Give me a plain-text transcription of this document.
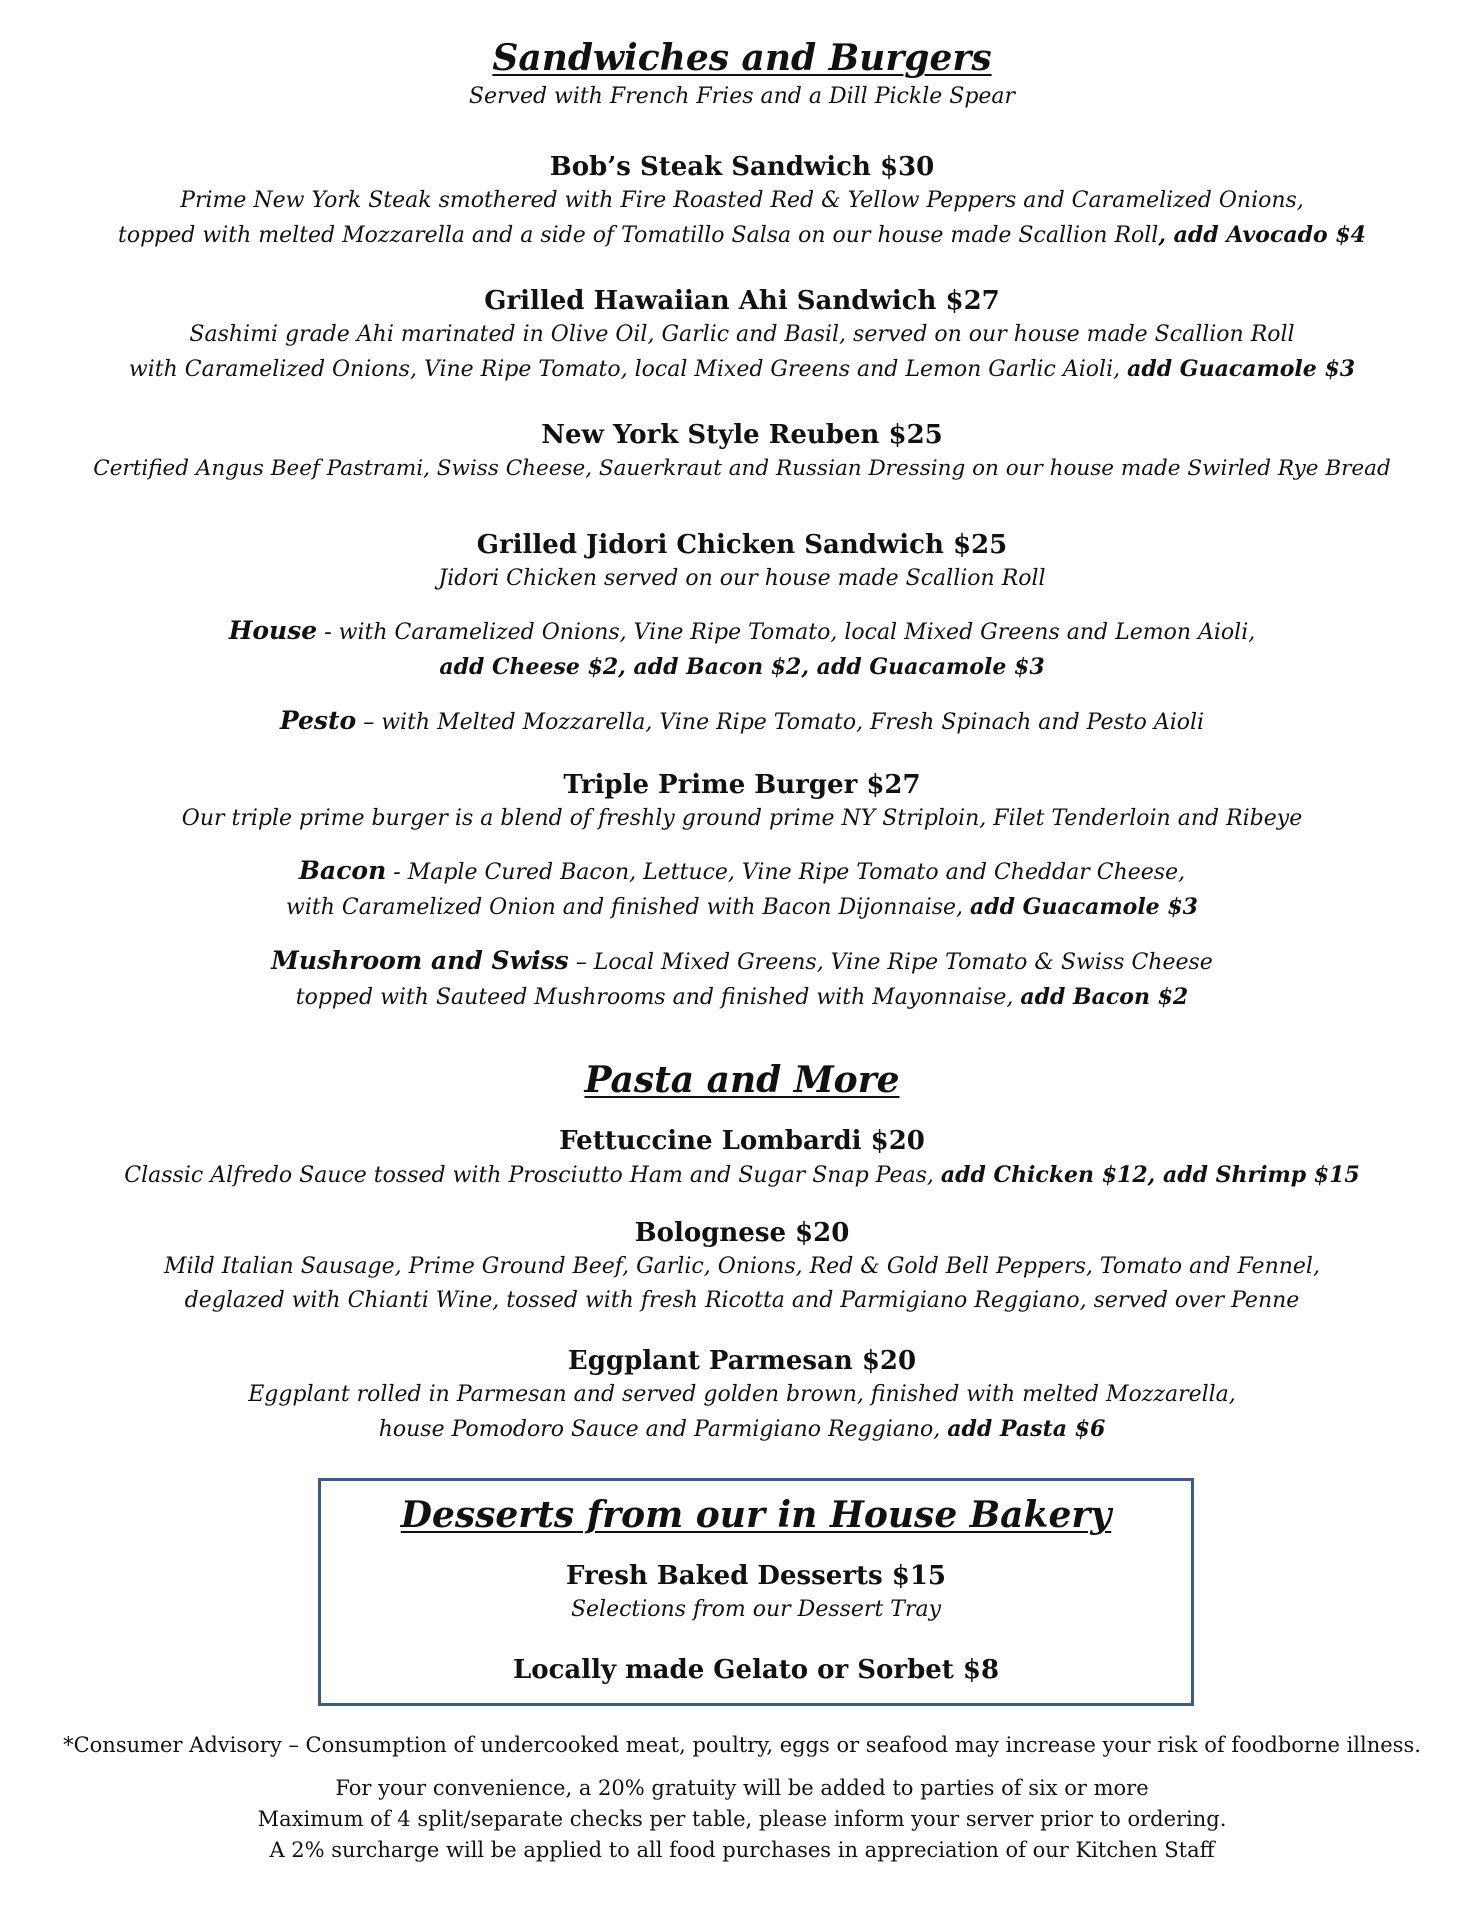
Sandwiches and Burgers

Served with French Fries and a Dill Pickle Spear

Bob’s Steak Sandwich $30

Prime New York Steak smothered with Fire Roasted Red & Yellow Peppers and Caramelized Onions,

topped with melted Mozzarella and a side of Tomatillo Salsa on our house made Scallion Roll, add Avocado $4

Grilled Hawaiian Ahi Sandwich $27

Sashimi grade Ahi marinated in Olive Oil, Garlic and Basil, served on our house made Scallion Roll

with Caramelized Onions, Vine Ripe Tomato, local Mixed Greens and Lemon Garlic Aioli, add Guacamole $3

New York Style Reuben $25

Certified Angus Beef Pastrami, Swiss Cheese, Sauerkraut and Russian Dressing on our house made Swirled Rye Bread

Grilled Jidori Chicken Sandwich $25

Jidori Chicken served on our house made Scallion Roll

House - with Caramelized Onions, Vine Ripe Tomato, local Mixed Greens and Lemon Aioli,

add Cheese $2, add Bacon $2, add Guacamole $3

Pesto – with Melted Mozzarella, Vine Ripe Tomato, Fresh Spinach and Pesto Aioli

Triple Prime Burger $27

Our triple prime burger is a blend of freshly ground prime NY Striploin, Filet Tenderloin and Ribeye

Bacon - Maple Cured Bacon, Lettuce, Vine Ripe Tomato and Cheddar Cheese,

with Caramelized Onion and finished with Bacon Dijonnaise, add Guacamole $3

Mushroom and Swiss – Local Mixed Greens, Vine Ripe Tomato & Swiss Cheese

topped with Sauteed Mushrooms and finished with Mayonnaise, add Bacon $2

Pasta and More

Fettuccine Lombardi $20

Classic Alfredo Sauce tossed with Prosciutto Ham and Sugar Snap Peas, add Chicken $12, add Shrimp $15

Bolognese $20

Mild Italian Sausage, Prime Ground Beef, Garlic, Onions, Red & Gold Bell Peppers, Tomato and Fennel,

deglazed with Chianti Wine, tossed with fresh Ricotta and Parmigiano Reggiano, served over Penne

Eggplant Parmesan $20

Eggplant rolled in Parmesan and served golden brown, finished with melted Mozzarella,

house Pomodoro Sauce and Parmigiano Reggiano, add Pasta $6

Desserts from our in House Bakery

Fresh Baked Desserts $15

Selections from our Dessert Tray

Locally made Gelato or Sorbet $8

*Consumer Advisory – Consumption of undercooked meat, poultry, eggs or seafood may increase your risk of foodborne illness.

For your convenience, a 20% gratuity will be added to parties of six or more

Maximum of 4 split/separate checks per table, please inform your server prior to ordering.

A 2% surcharge will be applied to all food purchases in appreciation of our Kitchen Staff
